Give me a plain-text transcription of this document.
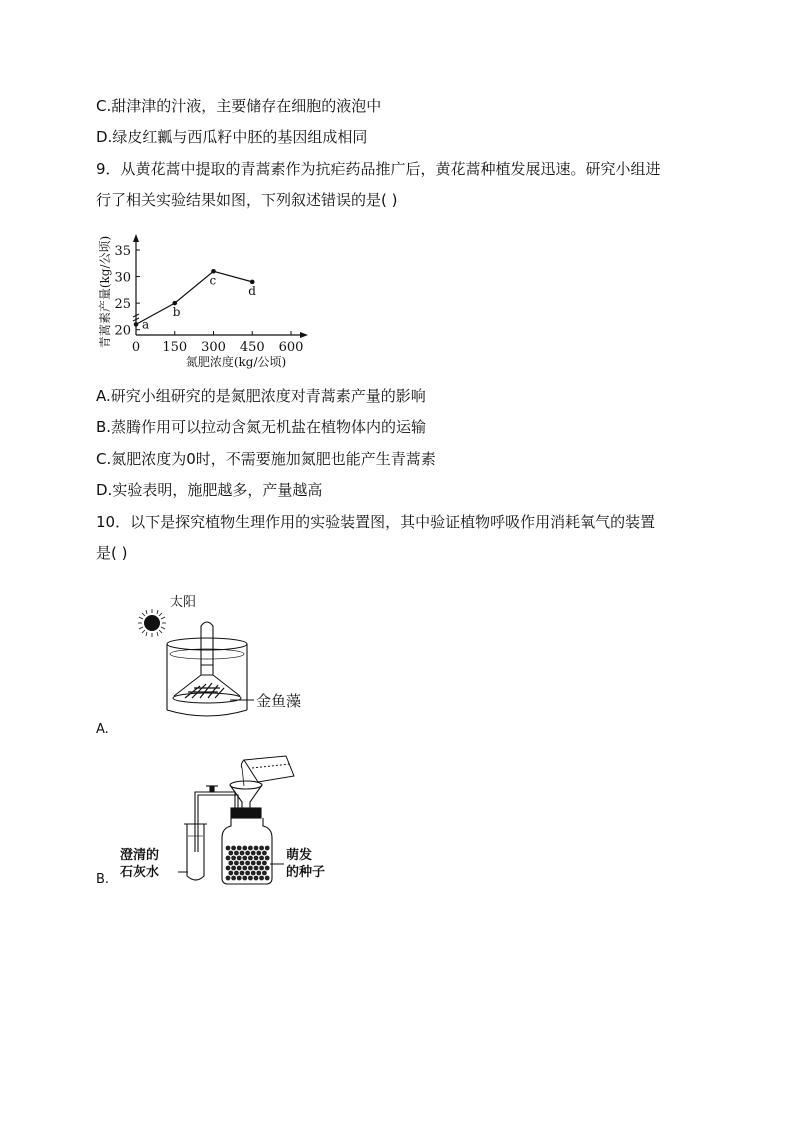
C.甜津津的汁液，主要储存在细胞的液泡中
D.绿皮红瓤与西瓜籽中胚的基因组成相同
9．从黄花蒿中提取的青蒿素作为抗疟药品推广后，黄花蒿种植发展迅速。研究小组进
行了相关实验结果如图，下列叙述错误的是( )
0 150 300 450 600
20
25
30
35
a
b
c
d
青蒿素产量(kg/公顷)
氮肥浓度(kg/公顷)
A.研究小组研究的是氮肥浓度对青蒿素产量的影响
B.蒸腾作用可以拉动含氮无机盐在植物体内的运输
C.氮肥浓度为0时，不需要施加氮肥也能产生青蒿素
D.实验表明，施肥越多，产量越高
10．以下是探究植物生理作用的实验装置图，其中验证植物呼吸作用消耗氧气的装置
是( )
太阳
金鱼藻
A.
澄清的
石灰水
萌发
的种子
B.
